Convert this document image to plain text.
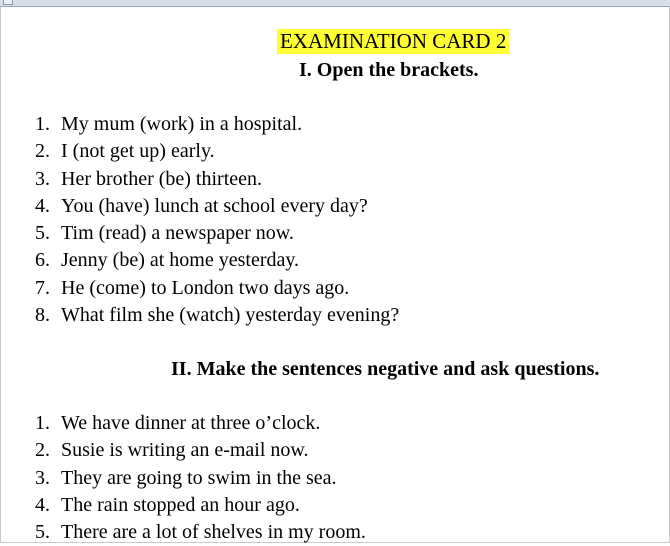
EXAMINATION CARD 2
I. Open the brackets.
1. My mum (work) in a hospital.
2. I (not get up) early.
3. Her brother (be) thirteen.
4. You (have) lunch at school every day?
5. Tim (read) a newspaper now.
6. Jenny (be) at home yesterday.
7. He (come) to London two days ago.
8. What film she (watch) yesterday evening?
II. Make the sentences negative and ask questions.
1. We have dinner at three o’clock.
2. Susie is writing an e-mail now.
3. They are going to swim in the sea.
4. The rain stopped an hour ago.
5. There are a lot of shelves in my room.
